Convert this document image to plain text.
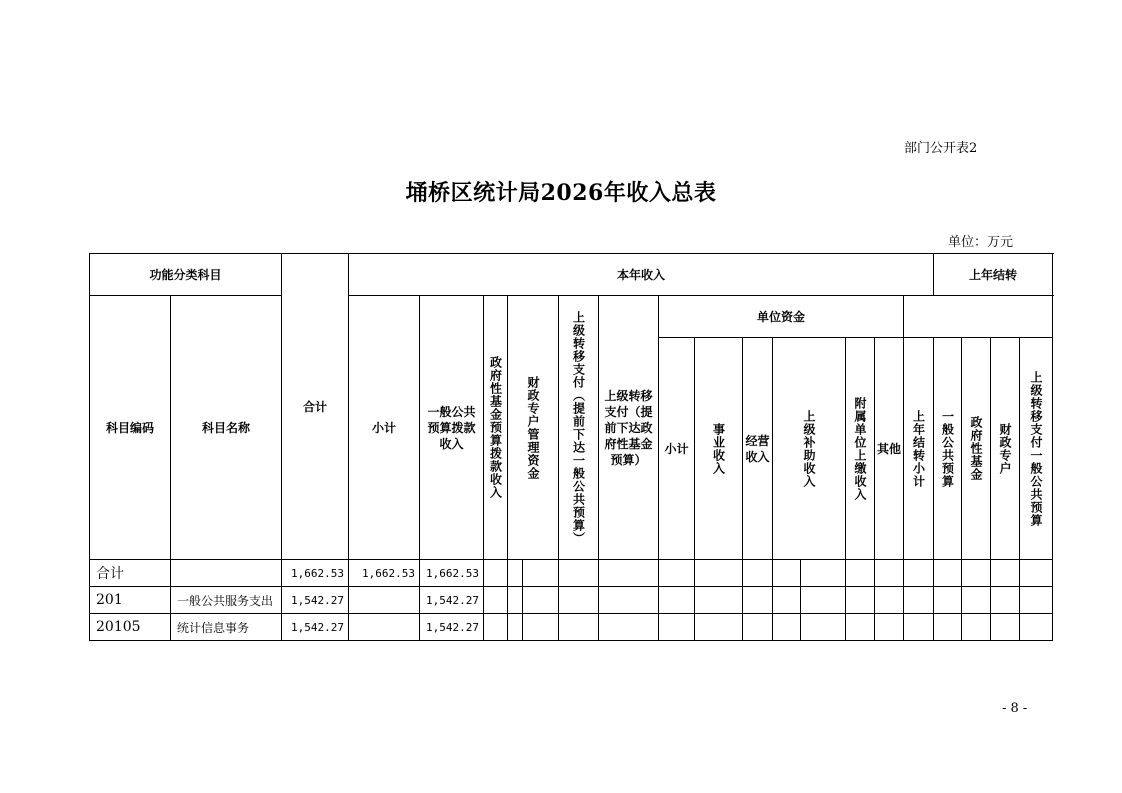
部门公开表2
埇桥区统计局2026年收入总表
单位：万元
功能分类科目		合计	本年收入															上年结转				
科目编码	科目名称		小计	一般公共预算拨款收入	政府性基金预算拨款收入	财政专户管理资金		上级转移支付（提前下达一般公共预算）	上级转移支付（提前下达政府性基金预算）	单位资金												
										小计	事业收入	经营收入	上级补助收入		附属单位上缴收入	其他	上年结转小计	一般公共预算	政府性基金	财政专户	上级转移支付一般公共预算

合计		1,662.53	1,662.53	1,662.53																		
201	一般公共服务支出	1,542.27		1,542.27																		
20105	统计信息事务	1,542.27		1,542.27																		
- 8 -
